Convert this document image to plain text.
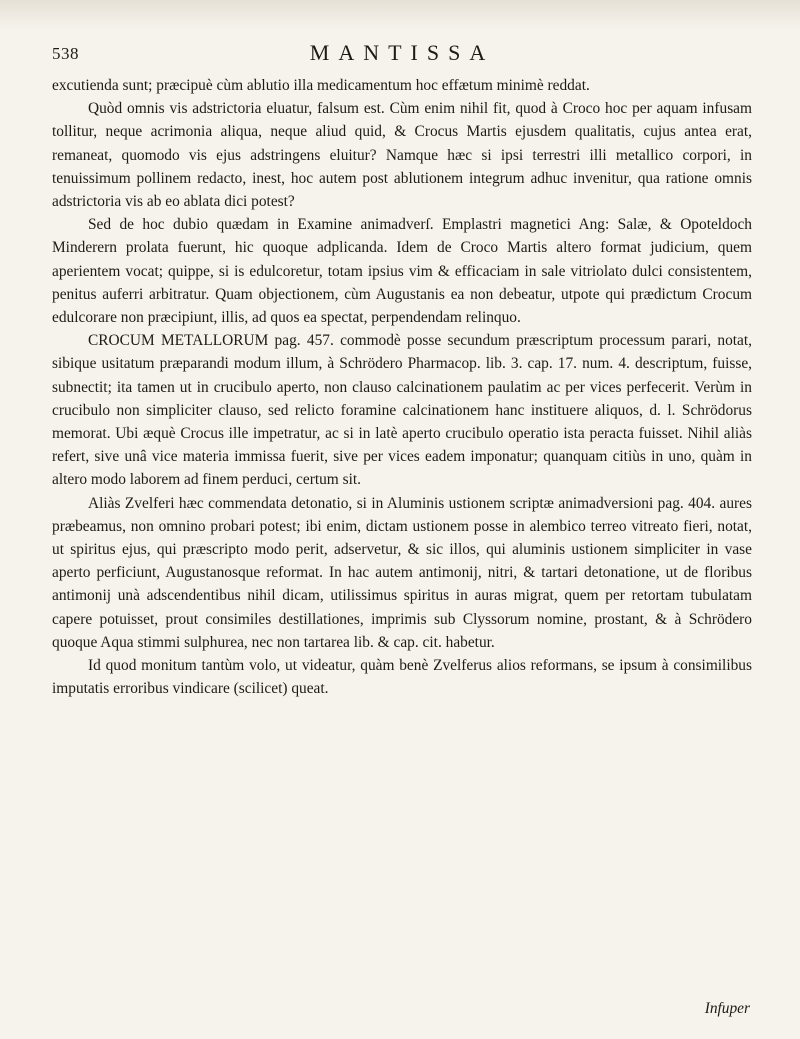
538	MANTISSA

excutienda sunt; præcipuè cùm ablutio illa medicamentum hoc effætum minimè reddat.

Quòd omnis vis adstrictoria eluatur, falsum est. Cùm enim nihil fit, quod à Croco hoc per aquam infusam tollitur, neque acrimonia aliqua, neque aliud quid, & Crocus Martis ejusdem qualitatis, cujus antea erat, remaneat, quomodo vis ejus adstringens eluitur? Namque hæc si ipsi terrestri illi metallico corpori, in tenuissimum pollinem redacto, inest, hoc autem post ablutionem integrum adhuc invenitur, qua ratione omnis adstrictoria vis ab eo ablata dici potest?

Sed de hoc dubio quædam in Examine animadverſ. Emplastri magnetici Ang: Salæ, & Opoteldoch Minderern prolata fuerunt, hic quoque adplicanda. Idem de Croco Martis altero format judicium, quem aperientem vocat; quippe, si is edulcoretur, totam ipsius vim & efficaciam in sale vitriolato dulci consistentem, penitus auferri arbitratur. Quam objectionem, cùm Augustanis ea non debeatur, utpote qui prædictum Crocum edulcorare non præcipiunt, illis, ad quos ea spectat, perpendendam relinquo.

CROCUM METALLORUM pag. 457. commodè posse secundum præscriptum processum parari, notat, sibique usitatum præparandi modum illum, à Schrödero Pharmacop. lib. 3. cap. 17. num. 4. descriptum, fuisse, subnectit; ita tamen ut in crucibulo aperto, non clauso calcinationem paulatim ac per vices perfecerit. Verùm in crucibulo non simpliciter clauso, sed relicto foramine calcinationem hanc instituere aliquos, d. l. Schrödorus memorat. Ubi æquè Crocus ille impetratur, ac si in latè aperto crucibulo operatio ista peracta fuisset. Nihil aliàs refert, sive unâ vice materia immissa fuerit, sive per vices eadem imponatur; quanquam citiùs in uno, quàm in altero modo laborem ad finem perduci, certum sit.

Aliàs Zvelferi hæc commendata detonatio, si in Aluminis ustionem scriptæ animadversioni pag. 404. aures præbeamus, non omnino probari potest; ibi enim, dictam ustionem posse in alembico terreo vitreato fieri, notat, ut spiritus ejus, qui præscripto modo perit, adservetur, & sic illos, qui aluminis ustionem simpliciter in vase aperto perficiunt, Augustanosque reformat. In hac autem antimonij, nitri, & tartari detonatione, ut de floribus antimonij unà adscendentibus nihil dicam, utilissimus spiritus in auras migrat, quem per retortam tubulatam capere potuisset, prout consimiles destillationes, imprimis sub Clyssorum nomine, prostant, & à Schrödero quoque Aqua stimmi sulphurea, nec non tartarea lib. & cap. cit. habetur.

Id quod monitum tantùm volo, ut videatur, quàm benè Zvelferus alios reformans, se ipsum à consimilibus imputatis erroribus vindicare (scilicet) queat.

Infuper
